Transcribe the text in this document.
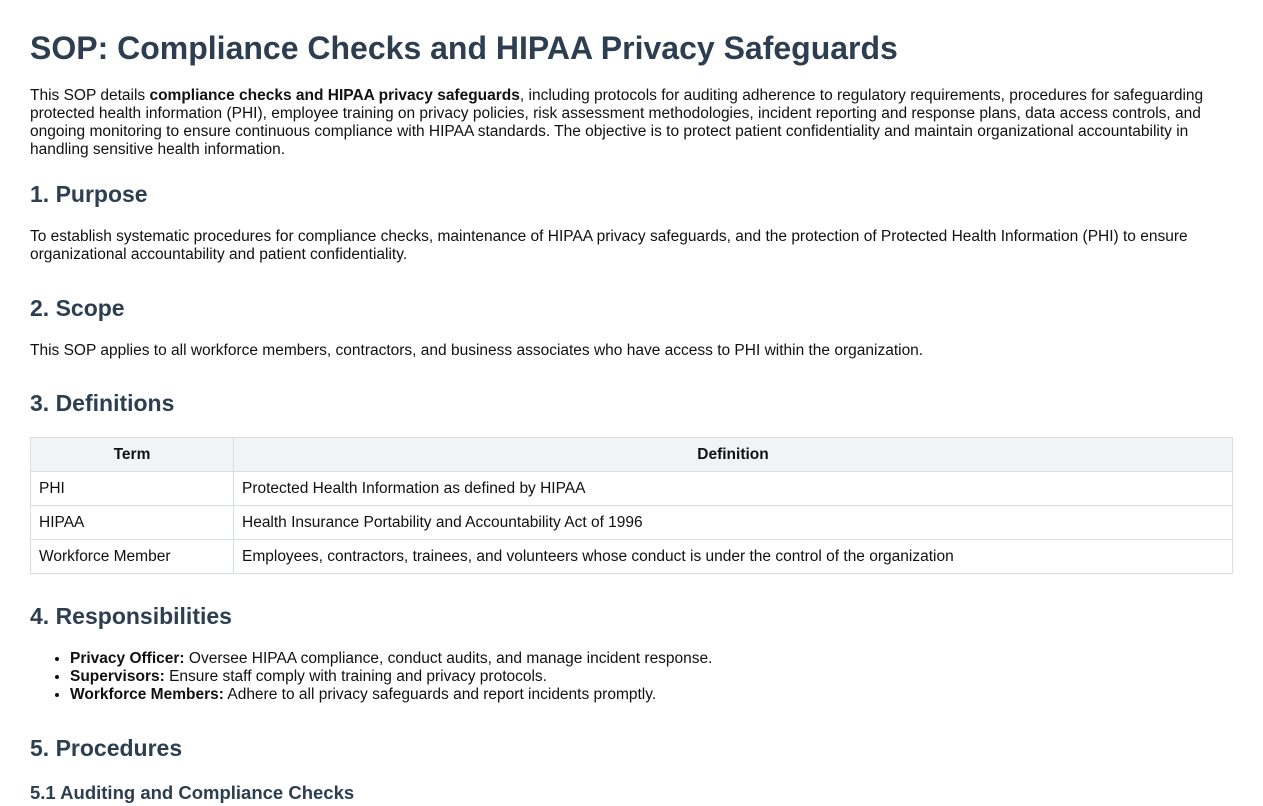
SOP: Compliance Checks and HIPAA Privacy Safeguards

This SOP details compliance checks and HIPAA privacy safeguards, including protocols for auditing adherence to regulatory requirements, procedures for safeguarding protected health information (PHI), employee training on privacy policies, risk assessment methodologies, incident reporting and response plans, data access controls, and ongoing monitoring to ensure continuous compliance with HIPAA standards. The objective is to protect patient confidentiality and maintain organizational accountability in handling sensitive health information.

1. Purpose

To establish systematic procedures for compliance checks, maintenance of HIPAA privacy safeguards, and the protection of Protected Health Information (PHI) to ensure organizational accountability and patient confidentiality.

2. Scope

This SOP applies to all workforce members, contractors, and business associates who have access to PHI within the organization.

3. Definitions
Term	Definition
PHI	Protected Health Information as defined by HIPAA
HIPAA	Health Insurance Portability and Accountability Act of 1996
Workforce Member	Employees, contractors, trainees, and volunteers whose conduct is under the control of the organization
4. Responsibilities
• Privacy Officer: Oversee HIPAA compliance, conduct audits, and manage incident response.
• Supervisors: Ensure staff comply with training and privacy protocols.
• Workforce Members: Adhere to all privacy safeguards and report incidents promptly.
5. Procedures
5.1 Auditing and Compliance Checks
